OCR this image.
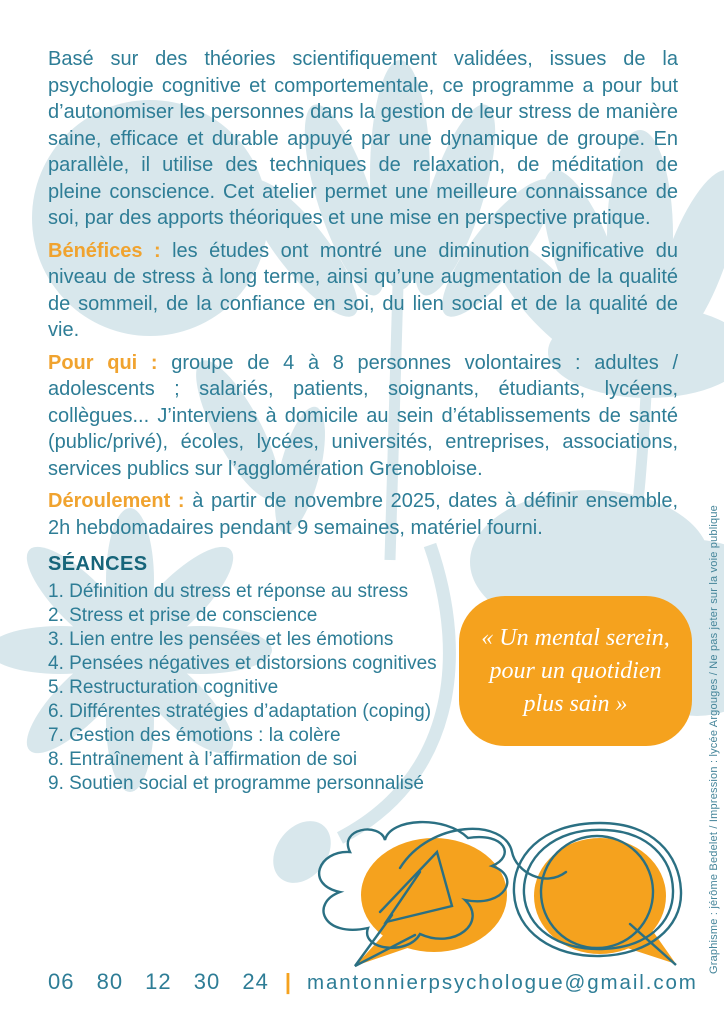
Basé sur des théories scientifiquement validées, issues de la psychologie cognitive et comportementale, ce programme a pour but d’autonomiser les personnes dans la gestion de leur stress de manière saine, efficace et durable appuyé par une dynamique de groupe. En parallèle, il utilise des techniques de relaxation, de méditation de pleine conscience. Cet atelier permet une meilleure connaissance de soi, par des apports théoriques et une mise en perspective pratique.

Bénéfices : les études ont montré une diminution significative du niveau de stress à long terme, ainsi qu’une augmentation de la qualité de sommeil, de la confiance en soi, du lien social et de la qualité de vie.

Pour qui : groupe de 4 à 8 personnes volontaires : adultes / adolescents ; salariés, patients, soignants, étudiants, lycéens, collègues... J’interviens à domicile au sein d’établissements de santé (public/privé), écoles, lycées, universités, entreprises, associations, services publics sur l’agglomération Grenobloise.

Déroulement : à partir de novembre 2025, dates à définir ensemble, 2h hebdomadaires pendant 9 semaines, matériel fourni.

SÉANCES
1. Définition du stress et réponse au stress
2. Stress et prise de conscience
3. Lien entre les pensées et les émotions
4. Pensées négatives et distorsions cognitives
5. Restructuration cognitive
6. Différentes stratégies d’adaptation (coping)
7. Gestion des émotions : la colère
8. Entraînement à l’affirmation de soi
9. Soutien social et programme personnalisé
« Un mental serein,
pour un quotidien
plus sain »	Graphisme : jérôme Bedelet / Impression : lycée Argouges / Ne pas jeter sur la voie publique
06 80 12 30 24 | mantonnierpsychologue@gmail.com
